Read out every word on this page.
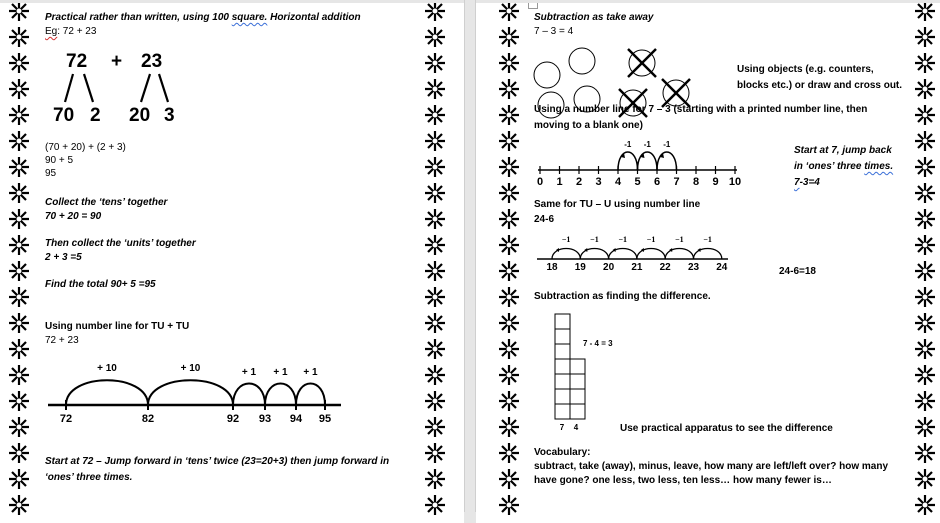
Practical rather than written, using 100 square. Horizontal addition
Eg: 72 + 23
72 + 23
70 2 20 3
(70 + 20) + (2 + 3)
90 + 5
95
Collect the ‘tens’ together
70 + 20 = 90
Then collect the ‘units’ together
2 + 3 =5
Find the total 90+ 5 =95
Using number line for TU + TU
72 + 23
72	82	92 93 94 95
+ 10	+ 10	+ 1 + 1 + 1
Start at 72 – Jump forward in ‘tens’ twice (23=20+3) then jump forward in
‘ones’ three times.
Subtraction as take away
7 – 3 = 4
Using objects (e.g. counters,
blocks etc.) or draw and cross out.
Using a number line for 7 – 3 (starting with a printed number line, then
moving to a blank one)
0 1 2 3 4 5 6 7 8 9 10
-1
-1
-1
Start at 7, jump back
in ‘ones’ three times.
7-3=4
Same for TU – U using number line
24-6
18 19 20 21 22 23 24
−1
−1
−1
−1
−1
−1
24-6=18
Subtraction as finding the difference.
7 4
7 - 4 = 3
Use practical apparatus to see the difference
Vocabulary:
subtract, take (away), minus, leave, how many are left/left over? how many
have gone? one less, two less, ten less… how many fewer is…
